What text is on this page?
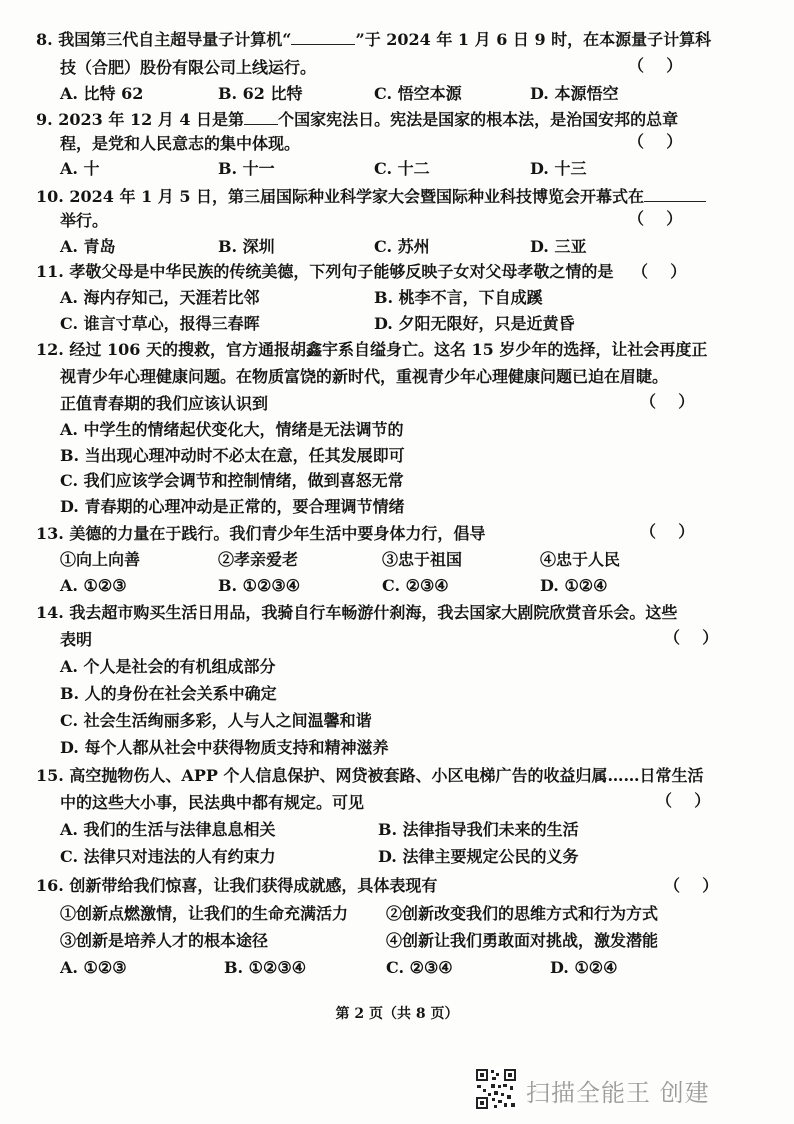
8. 我国第三代自主超导量子计算机“	”于 2024 年 1 月 6 日 9 时，在本源量子计算科
技（合肥）股份有限公司上线运行。	（    ）
A. 比特 62	B. 62 比特	C. 悟空本源	D. 本源悟空
9. 2023 年 12 月 4 日是第 个国家宪法日。宪法是国家的根本法，是治国安邦的总章
程，是党和人民意志的集中体现。	（    ）
A. 十	B. 十一	C. 十二	D. 十三
10. 2024 年 1 月 5 日，第三届国际种业科学家大会暨国际种业科技博览会开幕式在
举行。	（    ）
A. 青岛	B. 深圳	C. 苏州	D. 三亚
11. 孝敬父母是中华民族的传统美德，下列句子能够反映子女对父母孝敬之情的是 （    ）
A. 海内存知己，天涯若比邻	B. 桃李不言，下自成蹊
C. 谁言寸草心，报得三春晖	D. 夕阳无限好，只是近黄昏
12. 经过 106 天的搜救，官方通报胡鑫宇系自缢身亡。这名 15 岁少年的选择，让社会再度正
视青少年心理健康问题。在物质富饶的新时代，重视青少年心理健康问题已迫在眉睫。
正值青春期的我们应该认识到	（    ）
A. 中学生的情绪起伏变化大，情绪是无法调节的
B. 当出现心理冲动时不必太在意，任其发展即可
C. 我们应该学会调节和控制情绪，做到喜怒无常
D. 青春期的心理冲动是正常的，要合理调节情绪
13. 美德的力量在于践行。我们青少年生活中要身体力行，倡导	（    ）
①向上向善	②孝亲爱老	③忠于祖国	④忠于人民
A. ①②③	B. ①②③④	C. ②③④	D. ①②④
14. 我去超市购买生活日用品，我骑自行车畅游什刹海，我去国家大剧院欣赏音乐会。这些
表明	（    ）
A. 个人是社会的有机组成部分
B. 人的身份在社会关系中确定
C. 社会生活绚丽多彩，人与人之间温馨和谐
D. 每个人都从社会中获得物质支持和精神滋养
15. 高空抛物伤人、APP 个人信息保护、网贷被套路、小区电梯广告的收益归属……日常生活
中的这些大小事，民法典中都有规定。可见	（    ）
A. 我们的生活与法律息息相关	B. 法律指导我们未来的生活
C. 法律只对违法的人有约束力	D. 法律主要规定公民的义务
16. 创新带给我们惊喜，让我们获得成就感，具体表现有	（    ）
①创新点燃激情，让我们的生命充满活力 ②创新改变我们的思维方式和行为方式
③创新是培养人才的根本途径	④创新让我们勇敢面对挑战，激发潜能
A. ①②③	B. ①②③④	C. ②③④	D. ①②④
第 2 页（共 8 页）
扫描全能王 创建
